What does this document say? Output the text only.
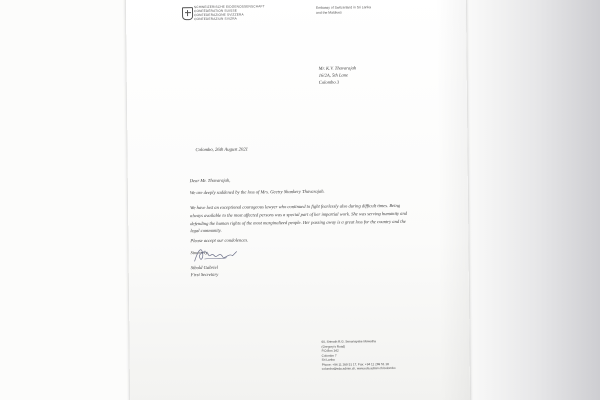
SCHWEIZERISCHE EIDGENOSSENSCHAFT
CONFÉDÉRATION SUISSE
CONFEDERAZIONE SVIZZERA
CONFEDERAZIUN SVIZRA
Embassy of Switzerland in Sri Lanka
and the Maldives
Mr. K.V. Thavarajah
16/2A, 5th Lane
Colombo 3
Colombo, 26th August 2021
Dear Mr. Thavarajah,
We are deeply saddened by the loss of Mrs. Geetry Shankery Thavarajah.
We have lost an exceptional courageous lawyer who continued to fight fearlessly also during difficult times. Being always available to the most affected persons was a special part of her impartial work. She was serving humanity and defending the human rights of the most marginalized people. Her passing away is a great loss for the country and the legal community.
Please accept our condolences.
Sincerely,
Sibold Gabriel
First Secretary
60, Srimath R.G. Senanayake Mawatha
(Gregory's Road)
P.O.Box 342
Colombo 7
Sri Lanka
Phone: +94 11 269 51 17, Fax: +94 11 269 51 18
colombo@eda.admin.ch, www.eda.admin.ch/colombo
